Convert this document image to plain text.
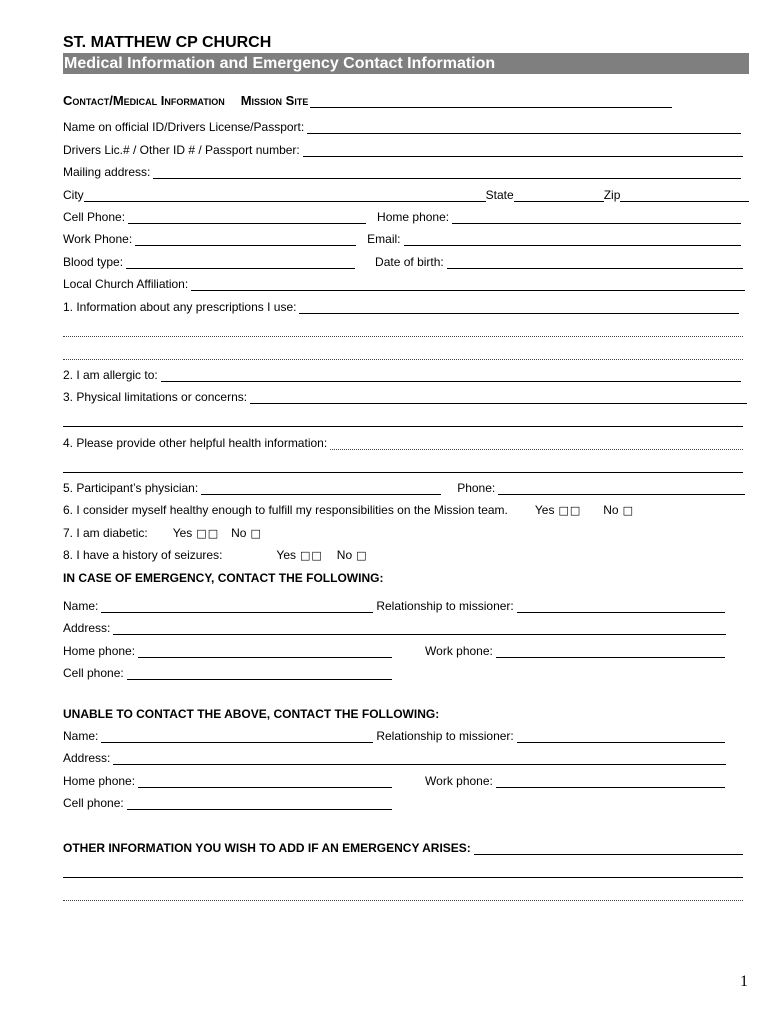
ST. MATTHEW CP CHURCH
Medical Information and Emergency Contact Information
Contact/Medical Information Mission Site
Name on official ID/Drivers License/Passport:
Drivers Lic.# / Other ID # / Passport number:
Mailing address:
City	State	Zip
Cell Phone:	Home phone:
Work Phone:	Email:
Blood type:	Date of birth:
Local Church Affiliation:
1. Information about any prescriptions I use:
2. I am allergic to:
3. Physical limitations or concerns:
4. Please provide other helpful health information:
5. Participant’s physician:	Phone:
6. I consider myself healthy enough to fulfill my responsibilities on the Mission team. Yes □□ No □
7. I am diabetic: Yes □□ No □
8. I have a history of seizures:	Yes □□ No □
IN CASE OF EMERGENCY, CONTACT THE FOLLOWING:
Name:	Relationship to missioner:
Address:
Home phone:	Work phone:
Cell phone:
UNABLE TO CONTACT THE ABOVE, CONTACT THE FOLLOWING:
Name:	Relationship to missioner:
Address:
Home phone:	Work phone:
Cell phone:
OTHER INFORMATION YOU WISH TO ADD IF AN EMERGENCY ARISES:
1
